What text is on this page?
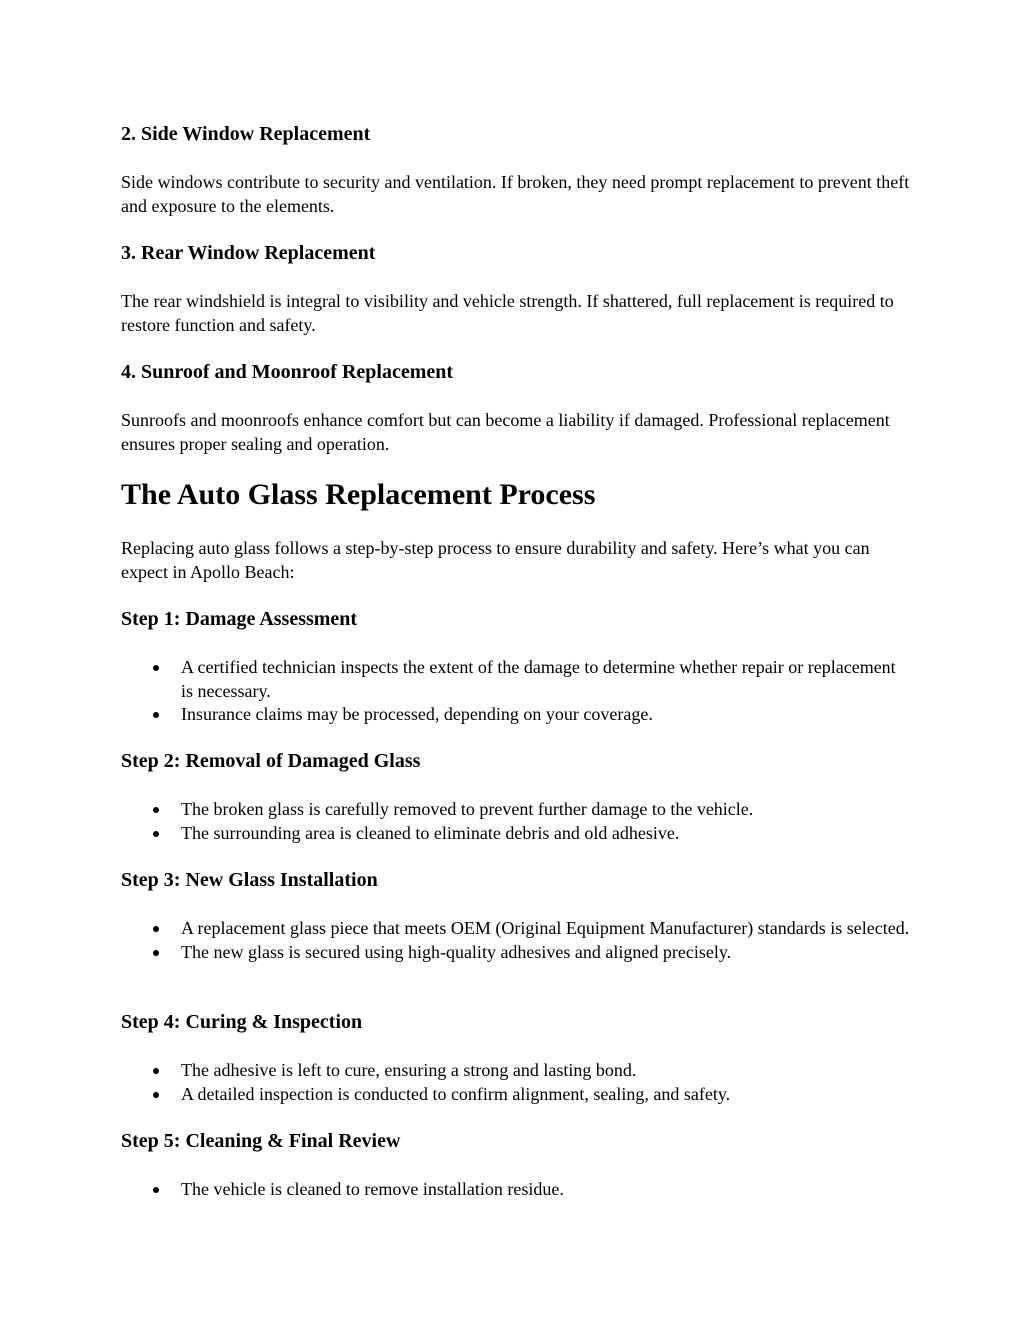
2. Side Window Replacement

Side windows contribute to security and ventilation. If broken, they need prompt replacement to prevent theft and exposure to the elements.

3. Rear Window Replacement

The rear windshield is integral to visibility and vehicle strength. If shattered, full replacement is required to restore function and safety.

4. Sunroof and Moonroof Replacement

Sunroofs and moonroofs enhance comfort but can become a liability if damaged. Professional replacement ensures proper sealing and operation.

The Auto Glass Replacement Process

Replacing auto glass follows a step-by-step process to ensure durability and safety. Here’s what you can expect in Apollo Beach:

Step 1: Damage Assessment
A certified technician inspects the extent of the damage to determine whether repair or replacement is necessary.
Insurance claims may be processed, depending on your coverage.
Step 2: Removal of Damaged Glass
The broken glass is carefully removed to prevent further damage to the vehicle.
The surrounding area is cleaned to eliminate debris and old adhesive.
Step 3: New Glass Installation
A replacement glass piece that meets OEM (Original Equipment Manufacturer) standards is selected.
The new glass is secured using high-quality adhesives and aligned precisely.
Step 4: Curing & Inspection
The adhesive is left to cure, ensuring a strong and lasting bond.
A detailed inspection is conducted to confirm alignment, sealing, and safety.
Step 5: Cleaning & Final Review
The vehicle is cleaned to remove installation residue.
